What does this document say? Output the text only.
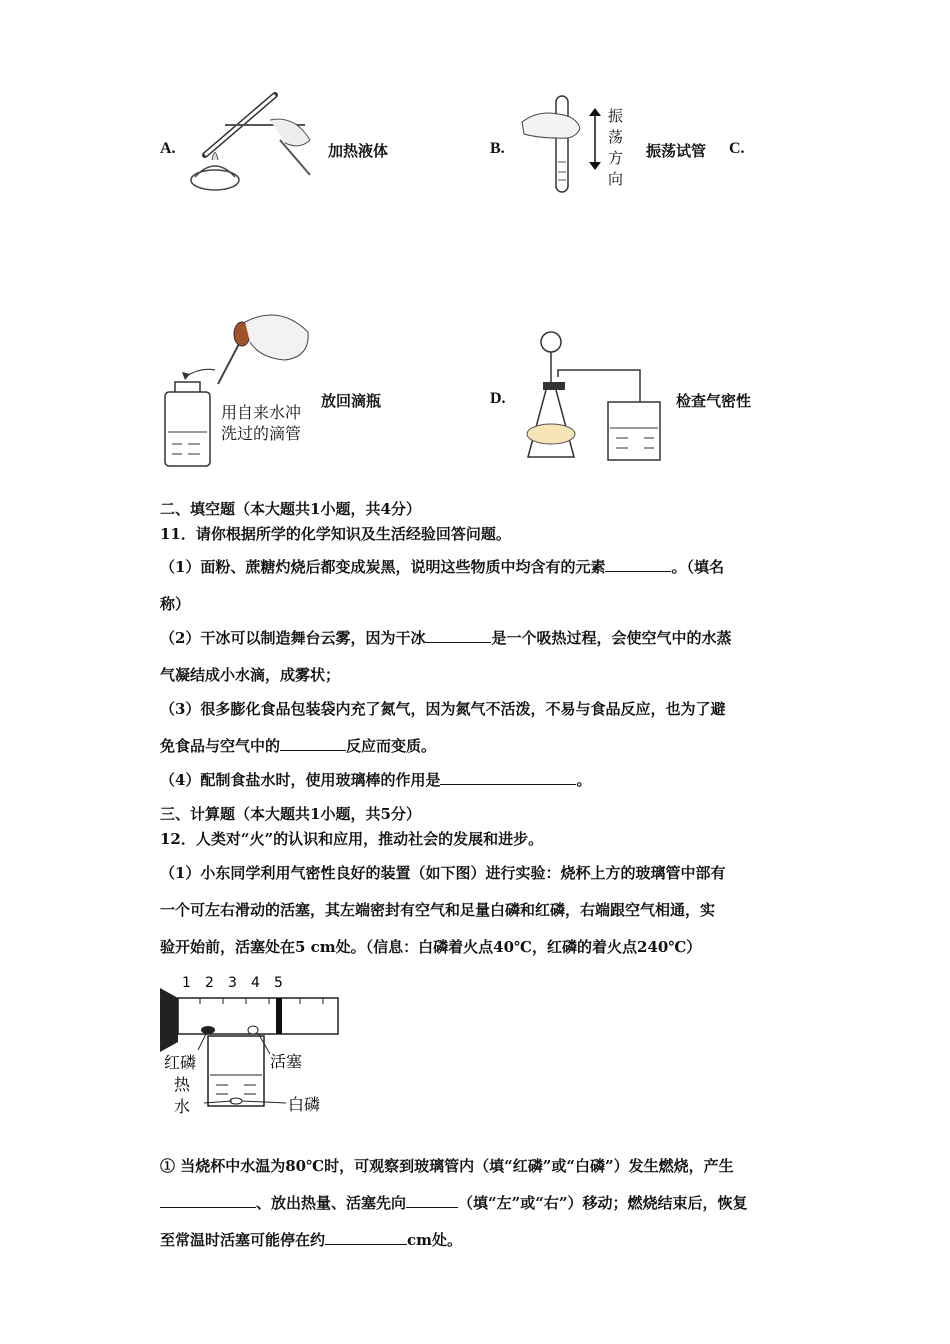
A.	加热液体	B.
振
荡
方
向
振荡试管 C.
用自来水冲
洗过的滴管
放回滴瓶	D.	检查气密性
二、填空题（本大题共1小题，共4分）
11．请你根据所学的化学知识及生活经验回答问题。
（1）面粉、蔗糖灼烧后都变成炭黑，说明这些物质中均含有的元素	。（填名
称）
（2）干冰可以制造舞台云雾，因为干冰	是一个吸热过程，会使空气中的水蒸
气凝结成小水滴，成雾状；
（3）很多膨化食品包装袋内充了氮气，因为氮气不活泼，不易与食品反应，也为了避
免食品与空气中的	反应而变质。
（4）配制食盐水时，使用玻璃棒的作用是	。
三、计算题（本大题共1小题，共5分）
12．人类对“火”的认识和应用，推动社会的发展和进步。
（1）小东同学利用气密性良好的装置（如下图）进行实验：烧杯上方的玻璃管中部有
一个可左右滑动的活塞，其左端密封有空气和足量白磷和红磷，右端跟空气相通，实
验开始前，活塞处在5 cm处。（信息：白磷着火点40℃，红磷的着火点240℃）
1 2 3 4 5
红磷
热
水
活塞
白磷
① 当烧杯中水温为80℃时，可观察到玻璃管内（填“红磷”或“白磷”）发生燃烧，产生
、放出热量、活塞先向	（填“左”或“右”）移动；燃烧结束后，恢复
至常温时活塞可能停在约	cm处。
